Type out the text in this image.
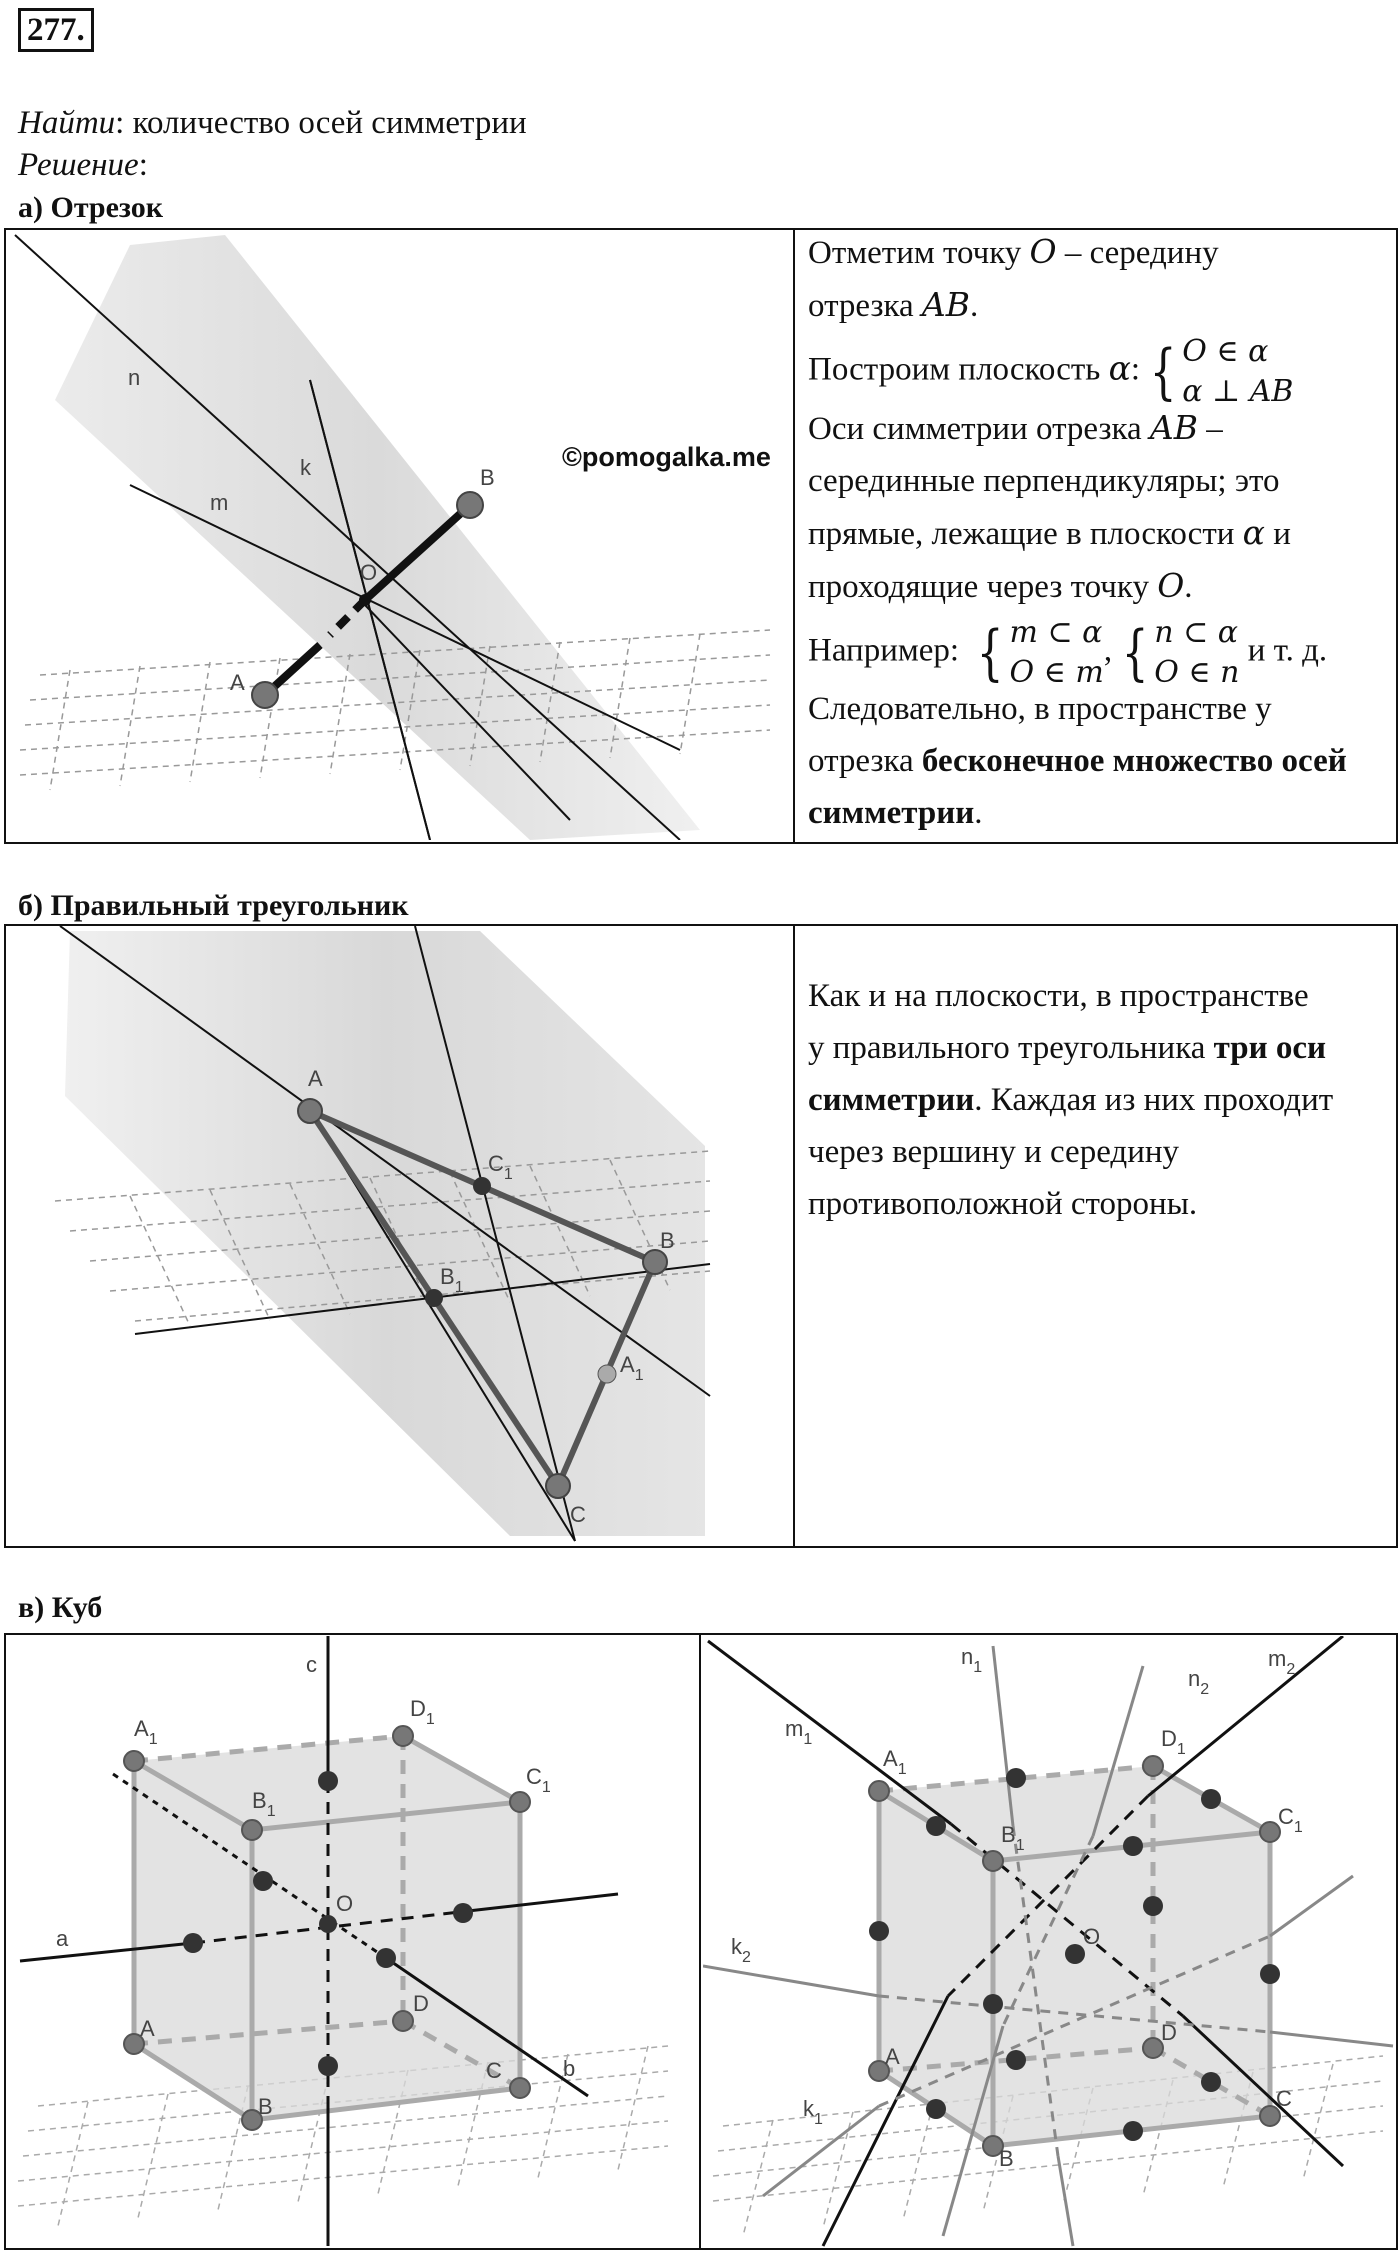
277.
Найти: количество осей симметрии
Решение:
а) Отрезок
n
k
m
B
O
A
©pomogalka.me
Отметим точку O – середину
отрезка AB.
Построим плоскость α: { O ∈ α
α ⊥ AB
Оси симметрии отрезка AB –
серединные перпендикуляры; это
прямые, лежащие в плоскости α и
проходящие через точку O.
Например: { m ⊂ α
O ∈ m
, { n ⊂ α
O ∈ n
и т. д.
Следовательно, в пространстве у
отрезка бесконечное множество осей
симметрии.
б) Правильный треугольник
A
B
C
$C_1$
$B_1$
$A_1$
Как и на плоскости, в пространстве
у правильного треугольника три оси
симметрии. Каждая из них проходит
через вершину и середину
противоположной стороны.
в) Куб
$A_1$
$B_1$
$C_1$
$D_1$
A
B
C
D
O
a
b
c
$A_1$
$B_1$
$C_1$
$D_1$
A
B
C
D
O
$n_1$	$n_2$
$m_2$
$m_1$
$k_2$
$k_1$
